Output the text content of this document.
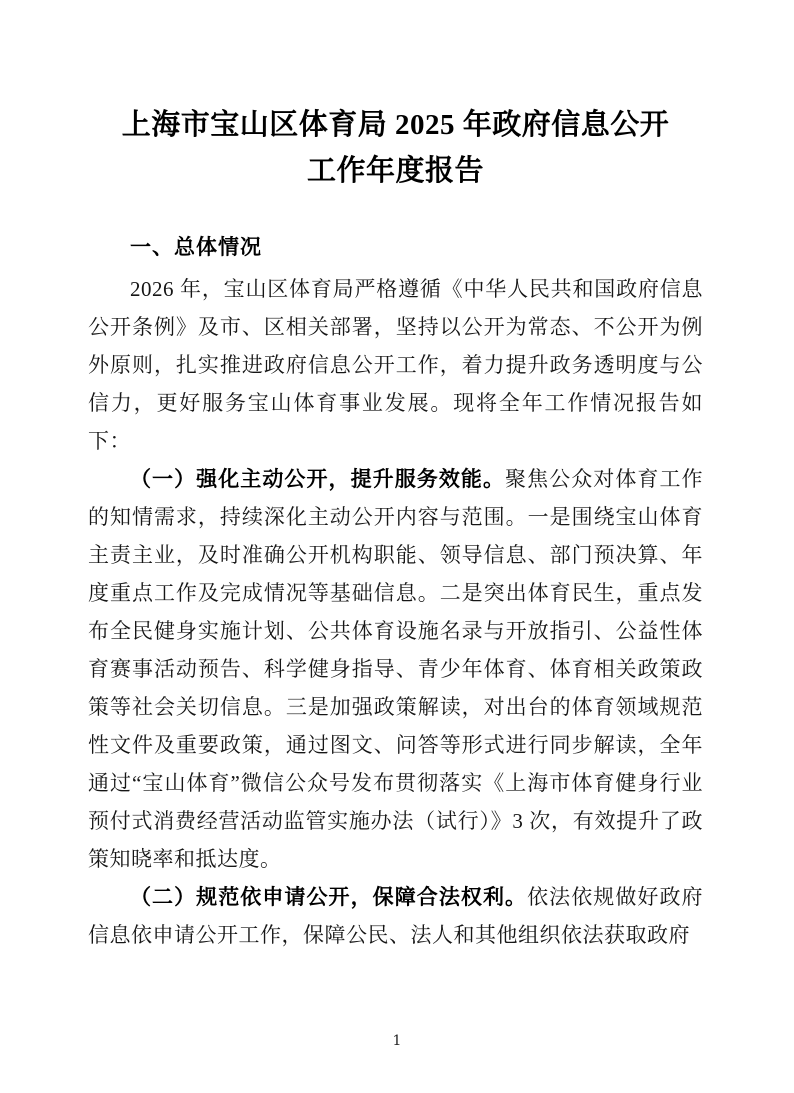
上海市宝山区体育局 2025 年政府信息公开
工作年度报告
一、总体情况

2026 年，宝山区体育局严格遵循《中华人民共和国政府信息公开条例》及市、区相关部署，坚持以公开为常态、不公开为例外原则，扎实推进政府信息公开工作，着力提升政务透明度与公信力，更好服务宝山体育事业发展。现将全年工作情况报告如下：

（一）强化主动公开，提升服务效能。聚焦公众对体育工作的知情需求，持续深化主动公开内容与范围。一是围绕宝山体育主责主业，及时准确公开机构职能、领导信息、部门预决算、年度重点工作及完成情况等基础信息。二是突出体育民生，重点发布全民健身实施计划、公共体育设施名录与开放指引、公益性体育赛事活动预告、科学健身指导、青少年体育、体育相关政策政策等社会关切信息。三是加强政策解读，对出台的体育领域规范性文件及重要政策，通过图文、问答等形式进行同步解读，全年通过“宝山体育”微信公众号发布贯彻落实《上海市体育健身行业预付式消费经营活动监管实施办法（试行）》3 次，有效提升了政策知晓率和抵达度。

（二）规范依申请公开，保障合法权利。依法依规做好政府信息依申请公开工作，保障公民、法人和其他组织依法获取政府

1
